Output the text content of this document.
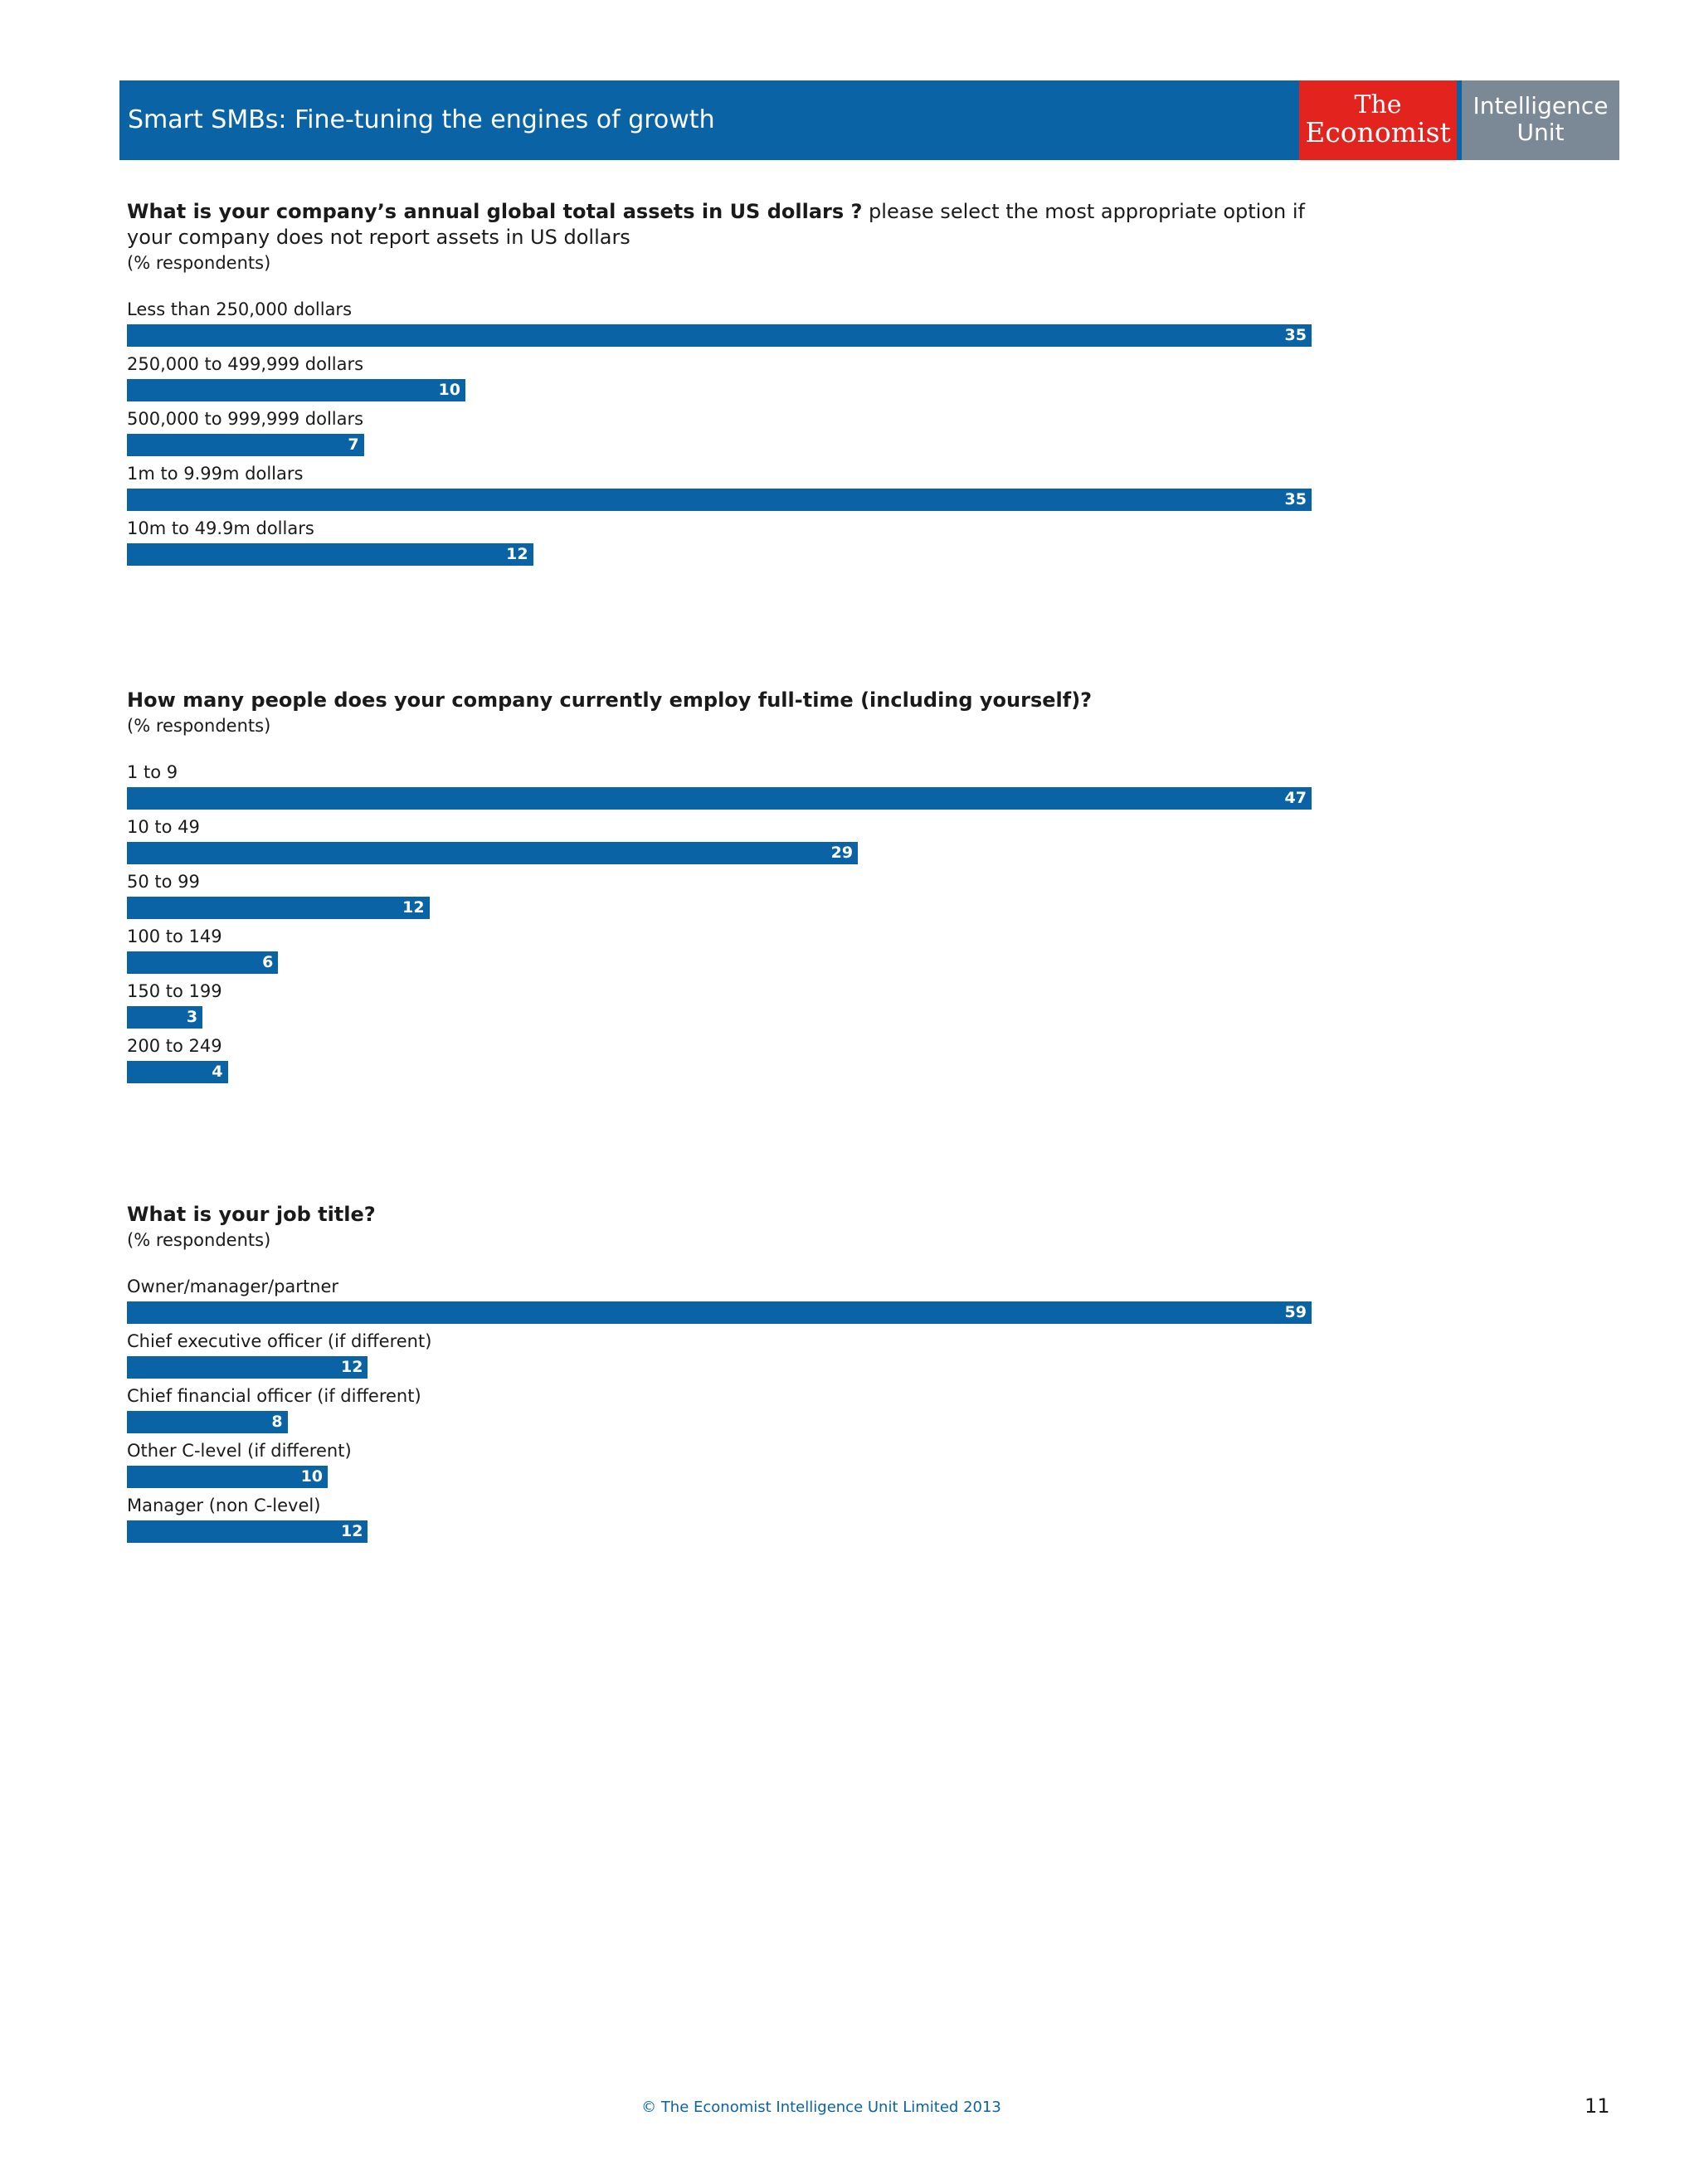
Smart SMBs: Fine-tuning the engines of growth
The
Economist
Intelligence
Unit

What is your company’s annual global total assets in US dollars ? please select the most appropriate option if your company does not report assets in US dollars

(% respondents)

Less than 250,000 dollars
35
250,000 to 499,999 dollars
10
500,000 to 999,999 dollars
7
1m to 9.99m dollars
35
10m to 49.9m dollars
12

How many people does your company currently employ full-time (including yourself)?

(% respondents)

1 to 9
47
10 to 49
29
50 to 99
12
100 to 149
6
150 to 199
3
200 to 249
4

What is your job title?

(% respondents)

Owner/manager/partner
59
Chief executive officer (if different)
12
Chief financial officer (if different)
8
Other C-level (if different)
10
Manager (non C-level)
12
© The Economist Intelligence Unit Limited 2013	11
